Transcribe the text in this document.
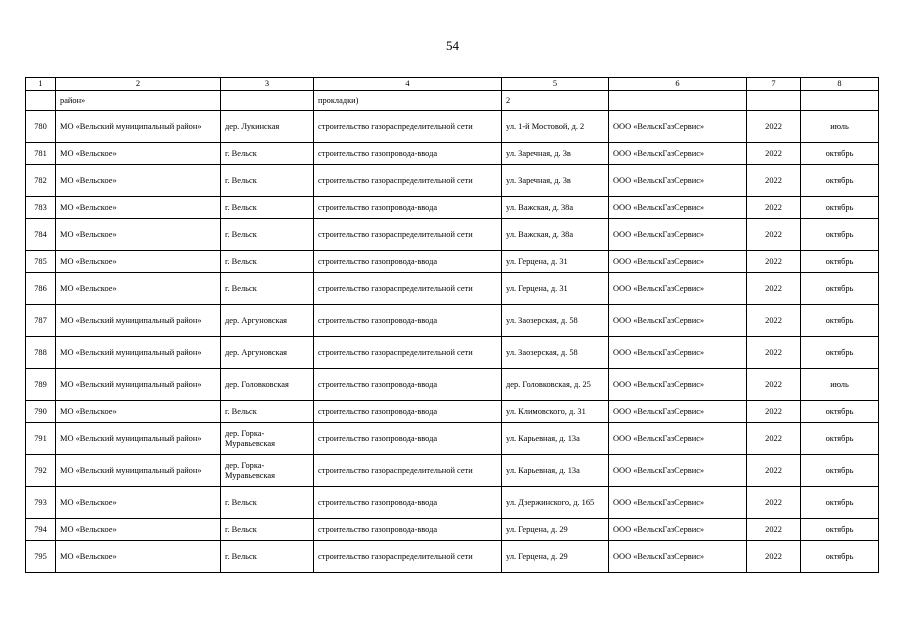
54
1	2	3	4	5	6	7	8
	район»		прокладки)	2			
780	МО «Вельский муниципальный район»	дер. Лукинская	строительство газораспределительной сети	ул. 1-й Мостовой, д. 2	ООО «ВельскГазСервис»	2022	июль
781	МО «Вельское»	г. Вельск	строительство газопровода-ввода	ул. Заречная, д. 3в	ООО «ВельскГазСервис»	2022	октябрь
782	МО «Вельское»	г. Вельск	строительство газораспределительной сети	ул. Заречная, д. 3в	ООО «ВельскГазСервис»	2022	октябрь
783	МО «Вельское»	г. Вельск	строительство газопровода-ввода	ул. Важская, д. 38а	ООО «ВельскГазСервис»	2022	октябрь
784	МО «Вельское»	г. Вельск	строительство газораспределительной сети	ул. Важская, д. 38а	ООО «ВельскГазСервис»	2022	октябрь
785	МО «Вельское»	г. Вельск	строительство газопровода-ввода	ул. Герцена, д. 31	ООО «ВельскГазСервис»	2022	октябрь
786	МО «Вельское»	г. Вельск	строительство газораспределительной сети	ул. Герцена, д. 31	ООО «ВельскГазСервис»	2022	октябрь
787	МО «Вельский муниципальный район»	дер. Аргуновская	строительство газопровода-ввода	ул. Заозерская, д. 58	ООО «ВельскГазСервис»	2022	октябрь
788	МО «Вельский муниципальный район»	дер. Аргуновская	строительство газораспределительной сети	ул. Заозерская, д. 58	ООО «ВельскГазСервис»	2022	октябрь
789	МО «Вельский муниципальный район»	дер. Головковская	строительство газопровода-ввода	дер. Головковская, д. 25	ООО «ВельскГазСервис»	2022	июль
790	МО «Вельское»	г. Вельск	строительство газопровода-ввода	ул. Климовского, д. 31	ООО «ВельскГазСервис»	2022	октябрь
791	МО «Вельский муниципальный район»	дер. Горка-Муравьевская	строительство газопровода-ввода	ул. Карьевная, д. 13а	ООО «ВельскГазСервис»	2022	октябрь
792	МО «Вельский муниципальный район»	дер. Горка-Муравьевская	строительство газораспределительной сети	ул. Карьевная, д. 13а	ООО «ВельскГазСервис»	2022	октябрь
793	МО «Вельское»	г. Вельск	строительство газопровода-ввода	ул. Дзержинского, д. 165	ООО «ВельскГазСервис»	2022	октябрь
794	МО «Вельское»	г. Вельск	строительство газопровода-ввода	ул. Герцена, д. 29	ООО «ВельскГазСервис»	2022	октябрь
795	МО «Вельское»	г. Вельск	строительство газораспределительной сети	ул. Герцена, д. 29	ООО «ВельскГазСервис»	2022	октябрь
